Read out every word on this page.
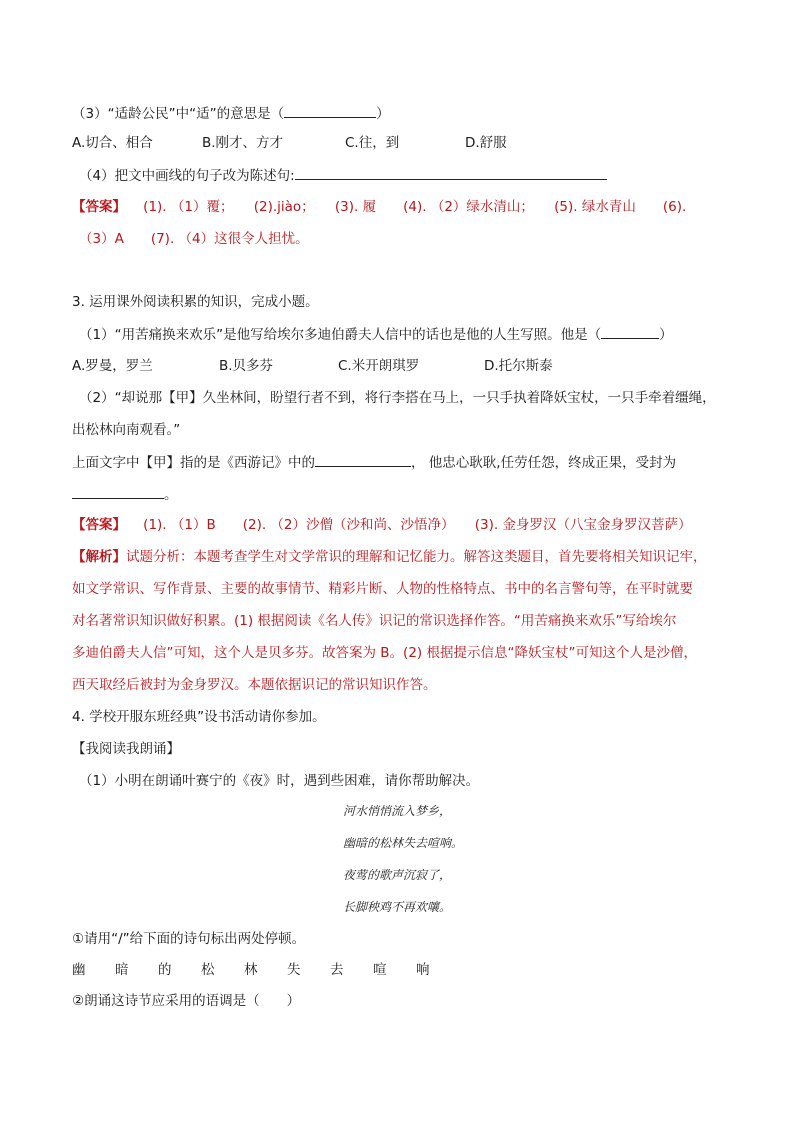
（3）“适龄公民”中“适”的意思是（	）
A.切合、相合	B.刚才、方才	C.往，到	D.舒服
（4）把文中画线的句子改为陈述句:
【答案】 (1). （1）覆；　　(2).jiào；　　(3). 履　　(4). （2）绿水清山；　　(5). 绿水青山　　(6).
（3）A　　(7). （4）这很令人担忧。
3. 运用课外阅读积累的知识，完成小题。
（1）“用苦痛换来欢乐”是他写给埃尔多迪伯爵夫人信中的话也是他的人生写照。他是（	）
A.罗曼，罗兰	B.贝多芬	C.米开朗琪罗	D.托尔斯泰
（2）“却说那【甲】久坐林间，盼望行者不到，将行李搭在马上，一只手执着降妖宝杖，一只手牵着缰绳，
出松林向南观看。”
上面文字中【甲】指的是《西游记》中的	， 他忠心耿耿,任劳任怨，终成正果，受封为
。
【答案】 (1). （1）B　　(2). （2）沙僧（沙和尚、沙悟净）　　(3). 金身罗汉（八宝金身罗汉菩萨）
【解析】试题分析：本题考查学生对文学常识的理解和记忆能力。解答这类题目，首先要将相关知识记牢，
如文学常识、写作背景、主要的故事情节、精彩片断、人物的性格特点、书中的名言警句等，在平时就要
对名著常识知识做好积累。(1) 根据阅读《名人传》识记的常识选择作答。“用苦痛换来欢乐”写给埃尔
多迪伯爵夫人信”可知，这个人是贝多芬。故答案为 B。(2) 根据提示信息“降妖宝杖”可知这个人是沙僧，
西天取经后被封为金身罗汉。本题依据识记的常识知识作答。
4. 学校开服东班经典”设书活动请你参加。
【我阅读我朗诵】
（1）小明在朗诵叶赛宁的《夜》时，遇到些困难，请你帮助解决。
河水悄悄流入梦乡，
幽暗的松林失去喧响。
夜莺的歌声沉寂了，
长脚秧鸡不再欢嚷。
①请用“/”给下面的诗句标出两处停顿。
幽 暗 的 松 林 失 去 喧 响
②朗诵这诗节应采用的语调是（　　）
